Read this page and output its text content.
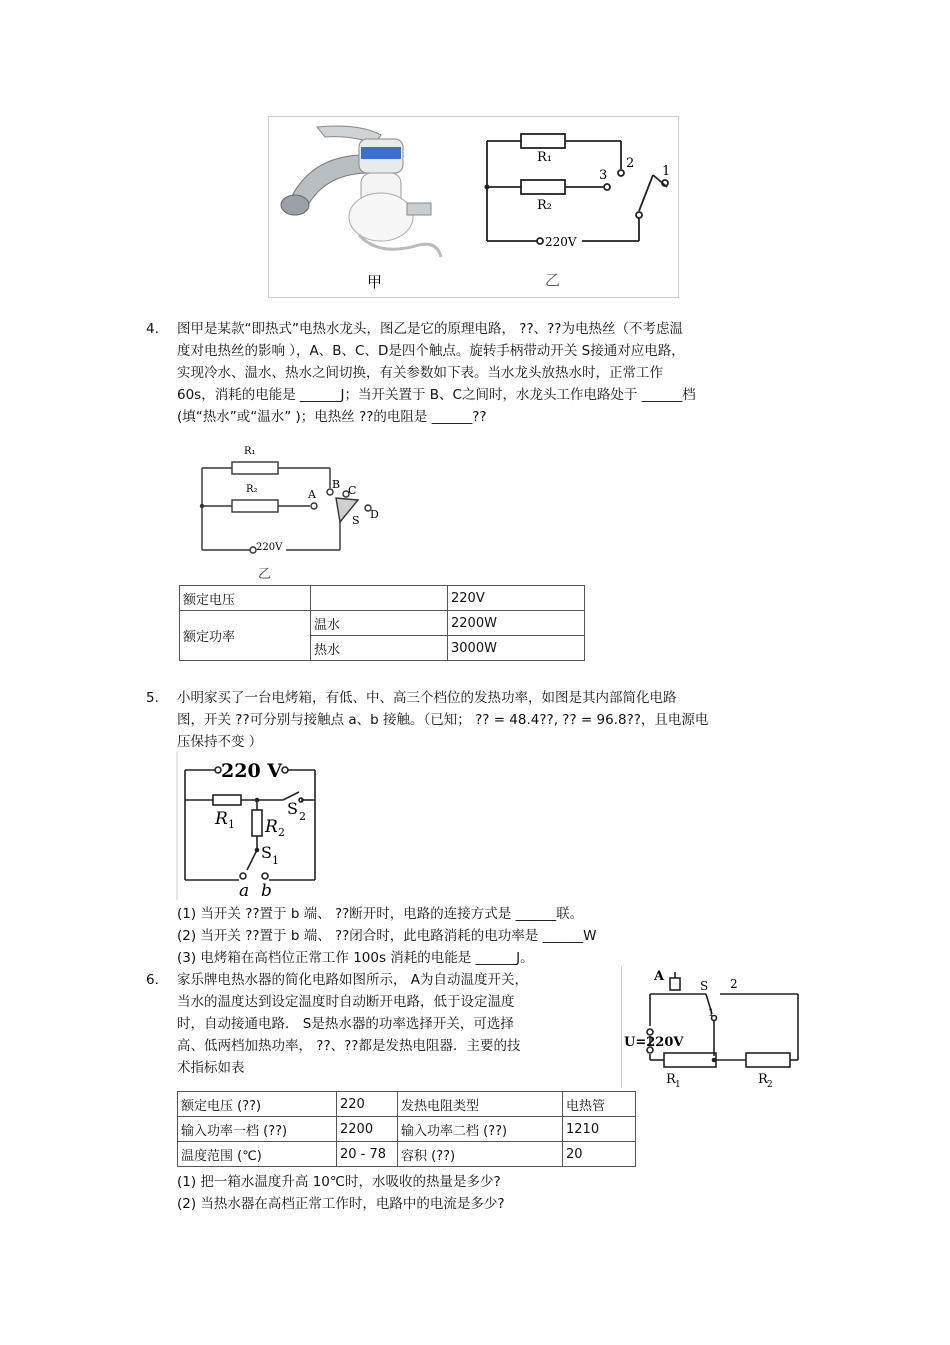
甲
R₁
R₂
2
3	1
220V
乙
4. 图甲是某款“即热式”电热水龙头，图乙是它的原理电路， ??、??为电热丝（不考虑温
度对电热丝的影响 ），A、B、C、D是四个触点。旋转手柄带动开关 S接通对应电路，
实现冷水、温水、热水之间切换，有关参数如下表。当水龙头放热水时，正常工作
60s，消耗的电能是 ______J；当开关置于 B、C之间时，水龙头工作电路处于 ______档
(填“热水”或“温水” )；电热丝 ??的电阻是 ______??
R₁
R₂	A
B C
D
S
220V
乙
额定电压		220V
额定功率	温水	2200W
	热水	3000W
5. 小明家买了一台电烤箱，有低、中、高三个档位的发热功率，如图是其内部简化电路
图，开关 ??可分别与接触点 a、b 接触。（已知； ?? = 48.4??, ?? = 96.8??，且电源电
压保持不变 ）
220 V
R 1 R 2
S 2
S 1
a b
(1) 当开关 ??置于 b 端、 ??断开时，电路的连接方式是 ______联。
(2) 当开关 ??置于 b 端、 ??闭合时，此电路消耗的电功率是 ______W
(3) 电烤箱在高档位正常工作 100s 消耗的电能是 ______J。
6. 家乐牌电热水器的简化电路如图所示， A为自动温度开关，
当水的温度达到设定温度时自动断开电路，低于设定温度
时，自动接通电路． S是热水器的功率选择开关，可选择
高、低两档加热功率， ??、??都是发热电阻器．主要的技
术指标如表
A
S 2
1
U=220V
R 1	R 2
额定电压 (??)	220	发热电阻类型	电热管
输入功率一档 (??)	2200	输入功率二档 (??)	1210
温度范围 (℃)	20 - 78	容积 (??)	20
(1) 把一箱水温度升高 10℃时，水吸收的热量是多少?
(2) 当热水器在高档正常工作时，电路中的电流是多少?
